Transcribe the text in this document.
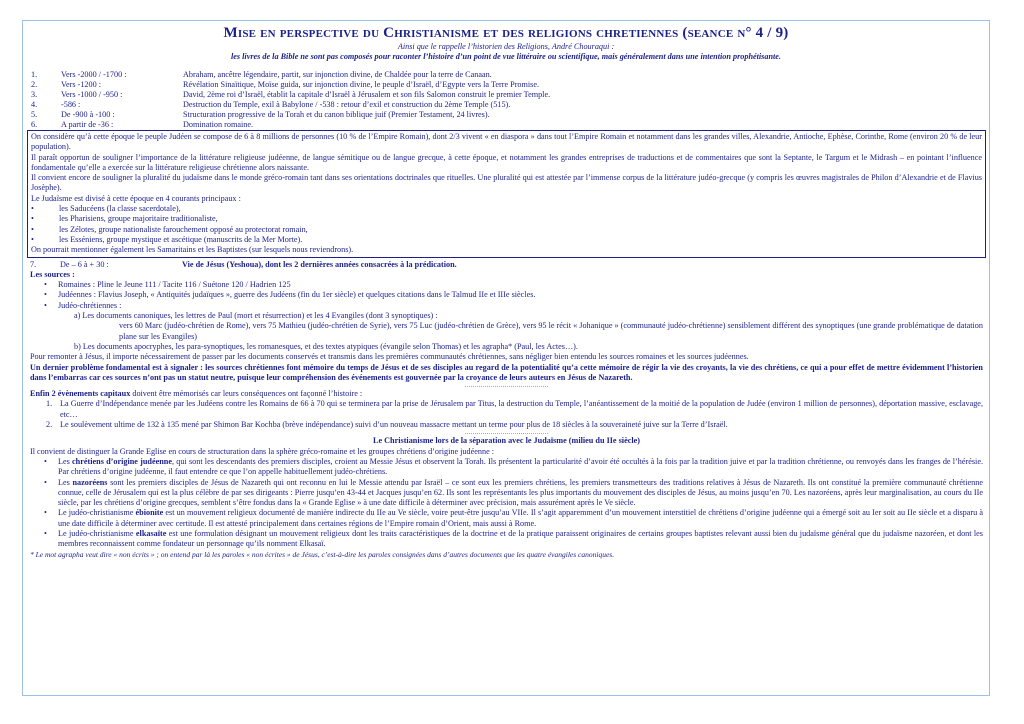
Mise en perspective du Christianisme et des religions chretiennes (seance n° 4 / 9)
Ainsi que le rappelle l’historien des Religions, André Chouraqui :
les livres de la Bible ne sont pas composés pour raconter l’histoire d’un point de vue littéraire ou scientifique, mais généralement dans une intention prophétisante.
1.	Vers -2000 / -1700 :	Abraham, ancêtre légendaire, partit, sur injonction divine, de Chaldée pour la terre de Canaan.
2.	Vers -1200 :	Révélation Sinaïtique, Moïse guida, sur injonction divine, le peuple d’Israël, d’Egypte vers la Terre Promise.
3.	Vers -1000 / -950 :	David, 2ème roi d’Israël, établit la capitale d’Israël à Jérusalem et son fils Salomon construit le premier Temple.
4.	-586 :	Destruction du Temple, exil à Babylone / -538 : retour d’exil et construction du 2ème Temple (515).
5.	De -900 à -100 :	Structuration progressive de la Torah et du canon biblique juif (Premier Testament, 24 livres).
6.	A partir de -36 :	Domination romaine.
On considère qu’à cette époque le peuple Judéen se compose de 6 à 8 millions de personnes (10 % de l’Empire Romain), dont 2/3 vivent « en diaspora » dans tout l’Empire Romain et notamment dans les grandes villes, Alexandrie, Antioche, Ephèse, Corinthe, Rome (environ 20 % de leur population).
Il paraît opportun de souligner l’importance de la littérature religieuse judéenne, de langue sémitique ou de langue grecque, à cette époque, et notamment les grandes entreprises de traductions et de commentaires que sont la Septante, le Targum et le Midrash – en pointant l’influence fondamentale qu’elle a exercée sur la littérature religieuse chrétienne alors naissante.
Il convient encore de souligner la pluralité du judaïsme dans le monde gréco-romain tant dans ses orientations doctrinales que rituelles. Une pluralité qui est attestée par l’immense corpus de la littérature judéo-grecque (y compris les œuvres magistrales de Philon d’Alexandrie et de Flavius Josèphe).
Le Judaïsme est divisé à cette époque en 4 courants principaux :
•	les Saducéens (la classe sacerdotale),
•	les Pharisiens, groupe majoritaire traditionaliste,
•	les Zélotes, groupe nationaliste farouchement opposé au protectorat romain,
•	les Esséniens, groupe mystique et ascétique (manuscrits de la Mer Morte).
On pourrait mentionner également les Samaritains et les Baptistes (sur lesquels nous reviendrons).
7.	De – 6 à + 30 :	Vie de Jésus (Yeshoua), dont les 2 dernières années consacrées à la prédication.
Les sources :
•	Romaines : Pline le Jeune 111 / Tacite 116 / Suétone 120 / Hadrien 125
•	Judéennes : Flavius Joseph, « Antiquités judaïques », guerre des Judéens (fin du 1er siècle) et quelques citations dans le Talmud IIe et IIIe siècles.
•	Judéo-chrétiennes :
a) Les documents canoniques, les lettres de Paul (mort et résurrection) et les 4 Evangiles (dont 3 synoptiques) :
vers 60 Marc (judéo-chrétien de Rome), vers 75 Mathieu (judéo-chrétien de Syrie), vers 75 Luc (judéo-chrétien de Grèce), vers 95 le récit « Johanique » (communauté judéo-chrétienne) sensiblement différent des synoptiques (une grande problématique de datation plane sur les Evangiles)
b) Les documents apocryphes, les para-synoptiques, les romanesques, et des textes atypiques (évangile selon Thomas) et les agrapha* (Paul, les Actes…).
Pour remonter à Jésus, il importe nécessairement de passer par les documents conservés et transmis dans les premières communautés chrétiennes, sans négliger bien entendu les sources romaines et les sources judéennes.
Un dernier problème fondamental est à signaler : les sources chrétiennes font mémoire du temps de Jésus et de ses disciples au regard de la potentialité qu’a cette mémoire de régir la vie des croyants, la vie des chrétiens, ce qui a pour effet de mettre évidemment l’historien dans l’embarras car ces sources n’ont pas un statut neutre, puisque leur compréhension des événements est gouvernée par la croyance de leurs auteurs en Jésus de Nazareth.
……………………………………
Enfin 2 évènements capitaux doivent être mémorisés car leurs conséquences ont façonné l’histoire :
1. La Guerre d’Indépendance menée par les Judéens contre les Romains de 66 à 70 qui se terminera par la prise de Jérusalem par Titus, la destruction du Temple, l’anéantissement de la moitié de la population de Judée (environ 1 million de personnes), déportation massive, esclavage, etc…
2. Le soulèvement ultime de 132 à 135 mené par Shimon Bar Kochba (brève indépendance) suivi d’un nouveau massacre mettant un terme pour plus de 18 siècles à la souveraineté juive sur la Terre d’Israël.
……………………………………
Le Christianisme lors de la séparation avec le Judaïsme (milieu du IIe siècle)
Il convient de distinguer la Grande Eglise en cours de structuration dans la sphère gréco-romaine et les groupes chrétiens d’origine judéenne :
•	Les chrétiens d’origine judéenne, qui sont les descendants des premiers disciples, croient au Messie Jésus et observent la Torah. Ils présentent la particularité d’avoir été occultés à la fois par la tradition juive et par la tradition chrétienne, ou renvoyés dans les franges de l’hérésie. Par chrétiens d’origine judéenne, il faut entendre ce que l’on appelle habituellement judéo-chrétiens.
•	Les nazoréens sont les premiers disciples de Jésus de Nazareth qui ont reconnu en lui le Messie attendu par Israël – ce sont eux les premiers chrétiens, les premiers transmetteurs des traditions relatives à Jésus de Nazareth. Ils ont constitué la première communauté chrétienne connue, celle de Jérusalem qui est la plus célèbre de par ses dirigeants : Pierre jusqu’en 43-44 et Jacques jusqu’en 62. Ils sont les représentants les plus importants du mouvement des disciples de Jésus, au moins jusqu’en 70. Les nazoréens, après leur marginalisation, au cours du IIe siècle, par les chrétiens d’origine grecques, semblent s’être fondus dans la « Grande Eglise » à une date difficile à déterminer avec précision, mais assurément après le Ve siècle.
•	Le judéo-christianisme ébionite est un mouvement religieux documenté de manière indirecte du IIe au Ve siècle, voire peut-être jusqu’au VIIe. Il s’agit apparemment d’un mouvement interstitiel de chrétiens d’origine judéenne qui a émergé soit au Ier soit au IIe siècle et a disparu à une date difficile à déterminer avec certitude. Il est attesté principalement dans certaines régions de l’Empire romain d’Orient, mais aussi à Rome.
•	Le judéo-christianisme elkasaïte est une formulation désignant un mouvement religieux dont les traits caractéristiques de la doctrine et de la pratique paraissent originaires de certains groupes baptistes relevant aussi bien du judaïsme général que du judaïsme nazoréen, et dont les membres reconnaissent comme fondateur un personnage qu’ils nomment Elkasaï.
* Le mot agrapha veut dire « non écrits » ; on entend par là les paroles « non écrites » de Jésus, c’est-à-dire les paroles consignées dans d’autres documents que les quatre évangiles canoniques.
